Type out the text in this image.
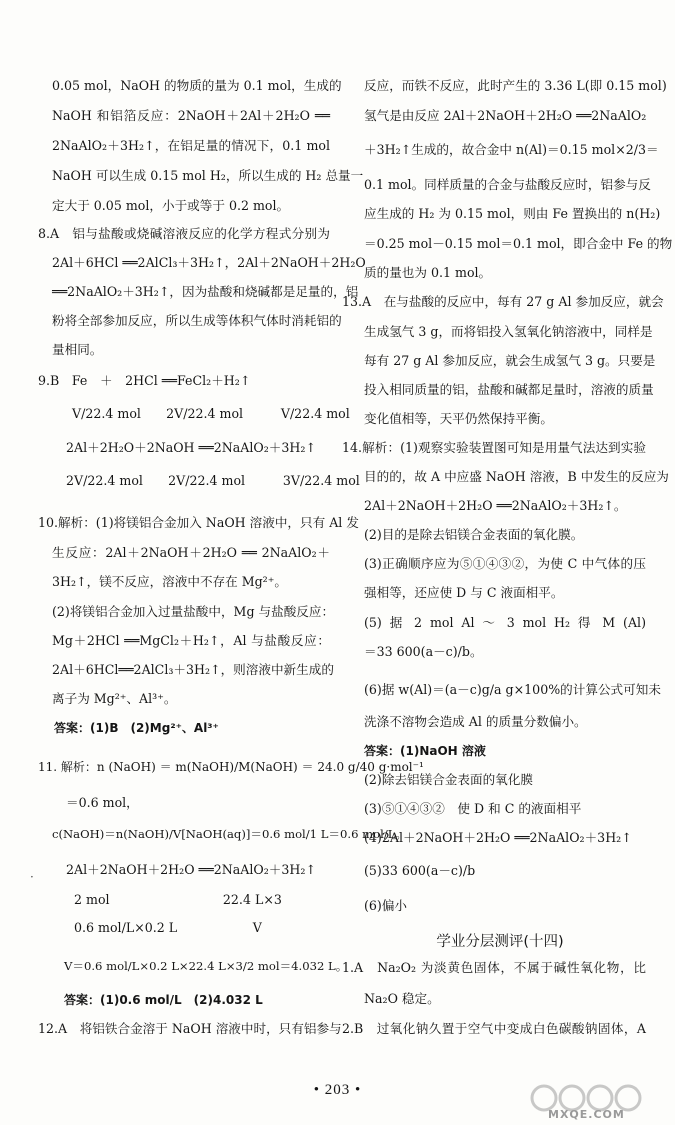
0.05 mol，NaOH 的物质的量为 0.1 mol，生成的
NaOH 和铝箔反应：2NaOH＋2Al＋2H₂O ══
2NaAlO₂＋3H₂↑，在铝足量的情况下，0.1 mol
NaOH 可以生成 0.15 mol H₂，所以生成的 H₂ 总量一
定大于 0.05 mol，小于或等于 0.2 mol。
8.A　铝与盐酸或烧碱溶液反应的化学方程式分别为
2Al＋6HCl ══2AlCl₃＋3H₂↑，2Al＋2NaOH＋2H₂O
══2NaAlO₂＋3H₂↑，因为盐酸和烧碱都是足量的，铝
粉将全部参加反应，所以生成等体积气体时消耗铝的
量相同。
9.B　Fe　＋　2HCl ══FeCl₂＋H₂↑
V/22.4 mol　　2V/22.4 mol　　　V/22.4 mol
2Al＋2H₂O＋2NaOH ══2NaAlO₂＋3H₂↑
2V/22.4 mol　　2V/22.4 mol　　　3V/22.4 mol
10.解析：(1)将镁铝合金加入 NaOH 溶液中，只有 Al 发
生反应：2Al＋2NaOH＋2H₂O ══ 2NaAlO₂＋
3H₂↑，镁不反应，溶液中不存在 Mg²⁺。
(2)将镁铝合金加入过量盐酸中，Mg 与盐酸反应：
Mg＋2HCl ══MgCl₂＋H₂↑，Al 与盐酸反应：
2Al＋6HCl══2AlCl₃＋3H₂↑，则溶液中新生成的
离子为 Mg²⁺、Al³⁺。
答案：(1)B　(2)Mg²⁺、Al³⁺
11. 解析：n (NaOH) ＝ m(NaOH)/M(NaOH) ＝ 24.0 g/40 g·mol⁻¹
＝0.6 mol，
c(NaOH)＝n(NaOH)/V[NaOH(aq)]＝0.6 mol/1 L＝0.6 mol/L。
2Al＋2NaOH＋2H₂O ══2NaAlO₂＋3H₂↑
2 mol　　　　　　　　　22.4 L×3
0.6 mol/L×0.2 L　　　　　　V
V＝0.6 mol/L×0.2 L×22.4 L×3/2 mol＝4.032 L。
答案：(1)0.6 mol/L　(2)4.032 L
12.A　将铝铁合金溶于 NaOH 溶液中时，只有铝参与
反应，而铁不反应，此时产生的 3.36 L(即 0.15 mol)
氢气是由反应 2Al＋2NaOH＋2H₂O ══2NaAlO₂
＋3H₂↑生成的，故合金中 n(Al)＝0.15 mol×2/3＝
0.1 mol。同样质量的合金与盐酸反应时，铝参与反
应生成的 H₂ 为 0.15 mol，则由 Fe 置换出的 n(H₂)
＝0.25 mol－0.15 mol＝0.1 mol，即合金中 Fe 的物
质的量也为 0.1 mol。
13.A　在与盐酸的反应中，每有 27 g Al 参加反应，就会
生成氢气 3 g，而将铝投入氢氧化钠溶液中，同样是
每有 27 g Al 参加反应，就会生成氢气 3 g。只要是
投入相同质量的铝，盐酸和碱都足量时，溶液的质量
变化值相等，天平仍然保持平衡。
14.解析：(1)观察实验装置图可知是用量气法达到实验
目的的，故 A 中应盛 NaOH 溶液，B 中发生的反应为
2Al＋2NaOH＋2H₂O ══2NaAlO₂＋3H₂↑。
(2)目的是除去铝镁合金表面的氧化膜。
(3)正确顺序应为⑤①④③②，为使 C 中气体的压
强相等，还应使 D 与 C 液面相平。
(5) 据 2 mol Al ～ 3 mol H₂ 得 M (Al)
＝33 600(a－c)/b。
(6)据 w(Al)＝(a－c)g/a g×100%的计算公式可知未
洗涤不溶物会造成 Al 的质量分数偏小。
答案：(1)NaOH 溶液
(2)除去铝镁合金表面的氧化膜
(3)⑤①④③②　使 D 和 C 的液面相平
(4)2Al＋2NaOH＋2H₂O ══2NaAlO₂＋3H₂↑
(5)33 600(a－c)/b
(6)偏小
学业分层测评(十四)
1.A　Na₂O₂ 为淡黄色固体，不属于碱性氧化物，比
Na₂O 稳定。
2.B　过氧化钠久置于空气中变成白色碳酸钠固体，A
·
• 203 •
MXQE.COM
